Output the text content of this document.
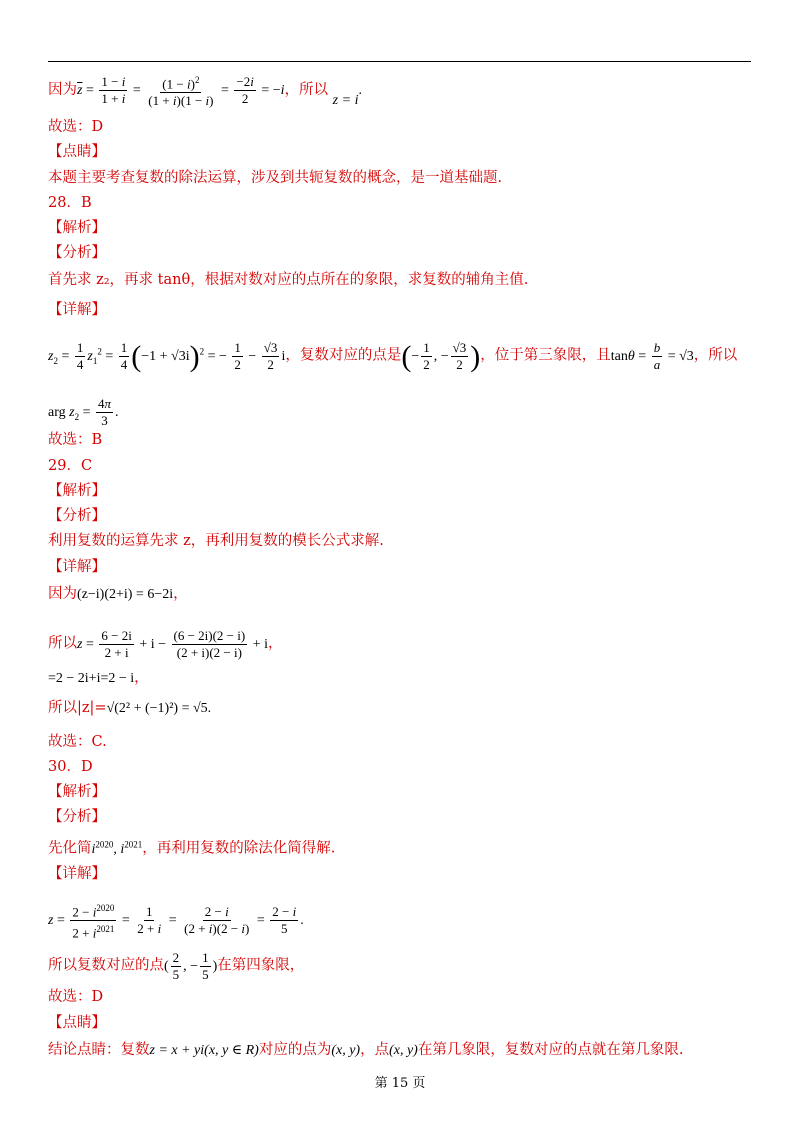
因为$\overline{z} = \frac{1 - i}{1 + i} = \frac{(1 - i)^2}{(1 + i)(1 - i)} = \frac{-2i}{2} = -i$，所以 z = i.
故选：D
【点睛】
本题主要考查复数的除法运算，涉及到共轭复数的概念，是一道基础题.
28．B
【解析】
【分析】
首先求 z₂，再求 tanθ，根据对数对应的点所在的象限，求复数的辅角主值.
【详解】
$z_2 = \frac{1}{4} z_1^2 = \frac{1}{4} (-1 + √3i)^2$ = − $\frac{1}{2} - \frac{√3}{2}$ i，复数对应的点是(− $\frac{1}{2}$ , − $\frac{√3}{2}$ )，位于第三象限，且$\tan\theta = \frac{b}{a} = √3$，所以
arg $z_2 = \frac{4\pi}{3}$ .
故选：B
29．C
【解析】
【分析】
利用复数的运算先求 z，再利用复数的模长公式求解.
【详解】
因为(z−i)(2+i) = 6−2i，
所以$z = \frac{6 - 2i}{2 + i} + i - \frac{(6 - 2i)(2 - i)}{(2 + i)(2 - i)} + i$，
=2 − 2i+i=2 − i，
所以|z|=√(2² + (−1)²) = √5.
故选：C.
30．D
【解析】
【分析】
先化简$i^{2020}$, $i^{2021}$，再利用复数的除法化简得解.
【详解】
$z = \frac{2 - i^{2020}}{2 + i^{2021}} = \frac{1}{2 + i} = \frac{2 - i}{(2 + i)(2 - i)} = \frac{2 - i}{5}$ .
所以复数对应的点( $\frac{2}{5}$ , − $\frac{1}{5}$ )在第四象限，
故选：D
【点睛】
结论点睛：复数z = x + yi(x, y ∈ R)对应的点为(x, y)，点(x, y)在第几象限，复数对应的点就在第几象限.
第 15 页
